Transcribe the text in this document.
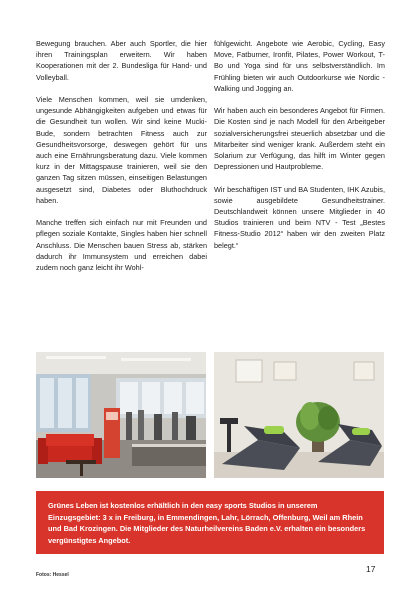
Bewegung brauchen. Aber auch Sportler, die hier ihren Trainingsplan erweitern. Wir haben Kooperationen mit der 2. Bundesliga für Hand- und Volleyball.

Viele Menschen kommen, weil sie umdenken, ungesunde Abhängigkeiten aufgeben und etwas für die Gesundheit tun wollen. Wir sind keine Mucki-Bude, sondern betrachten Fitness auch zur Gesundheitsvorsorge, deswegen gehört für uns auch eine Ernährungsberatung dazu. Viele kommen kurz in der Mittagspause trainieren, weil sie den ganzen Tag sitzen müssen, einseitigen Belastungen ausgesetzt sind, Diabetes oder Bluthochdruck haben.

Manche treffen sich einfach nur mit Freunden und pflegen soziale Kontakte, Singles haben hier schnell Anschluss. Die Menschen bauen Stress ab, stärken dadurch ihr Immunsystem und erreichen dabei zudem noch ganz leicht ihr Wohl-

fühlgewicht. Angebote wie Aerobic, Cycling, Easy Move, Fatburner, Ironfit, Pilates, Power Workout, T-Bo und Yoga sind für uns selbstverständlich. Im Frühling bieten wir auch Outdoorkurse wie Nordic - Walking und Jogging an.

Wir haben auch ein besonderes Angebot für Firmen. Die Kosten sind je nach Modell für den Arbeitgeber sozialversicherungsfrei steuerlich absetzbar und die Mitarbeiter sind weniger krank. Außerdem steht ein Solarium zur Verfügung, das hilft im Winter gegen Depressionen und Hautprobleme.

Wir beschäftigen IST und BA Studenten, IHK Azubis, sowie ausgebildete Gesundheitstrainer. Deutschlandweit können unsere Mitglieder in 40 Studios trainieren und beim NTV - Test „Bestes Fitness-Studio 2012“ haben wir den zweiten Platz belegt.“

Grünes Leben ist kostenlos erhältlich in den easy sports Studios in unserem Einzugsgebiet: 3 x in Freiburg, in Emmendingen, Lahr, Lörrach, Offenburg, Weil am Rhein und Bad Krozingen. Die Mitglieder des Naturheilvereins Baden e.V. erhalten ein besonders vergünstigtes Angebot.
Fotos: Hessel
17
